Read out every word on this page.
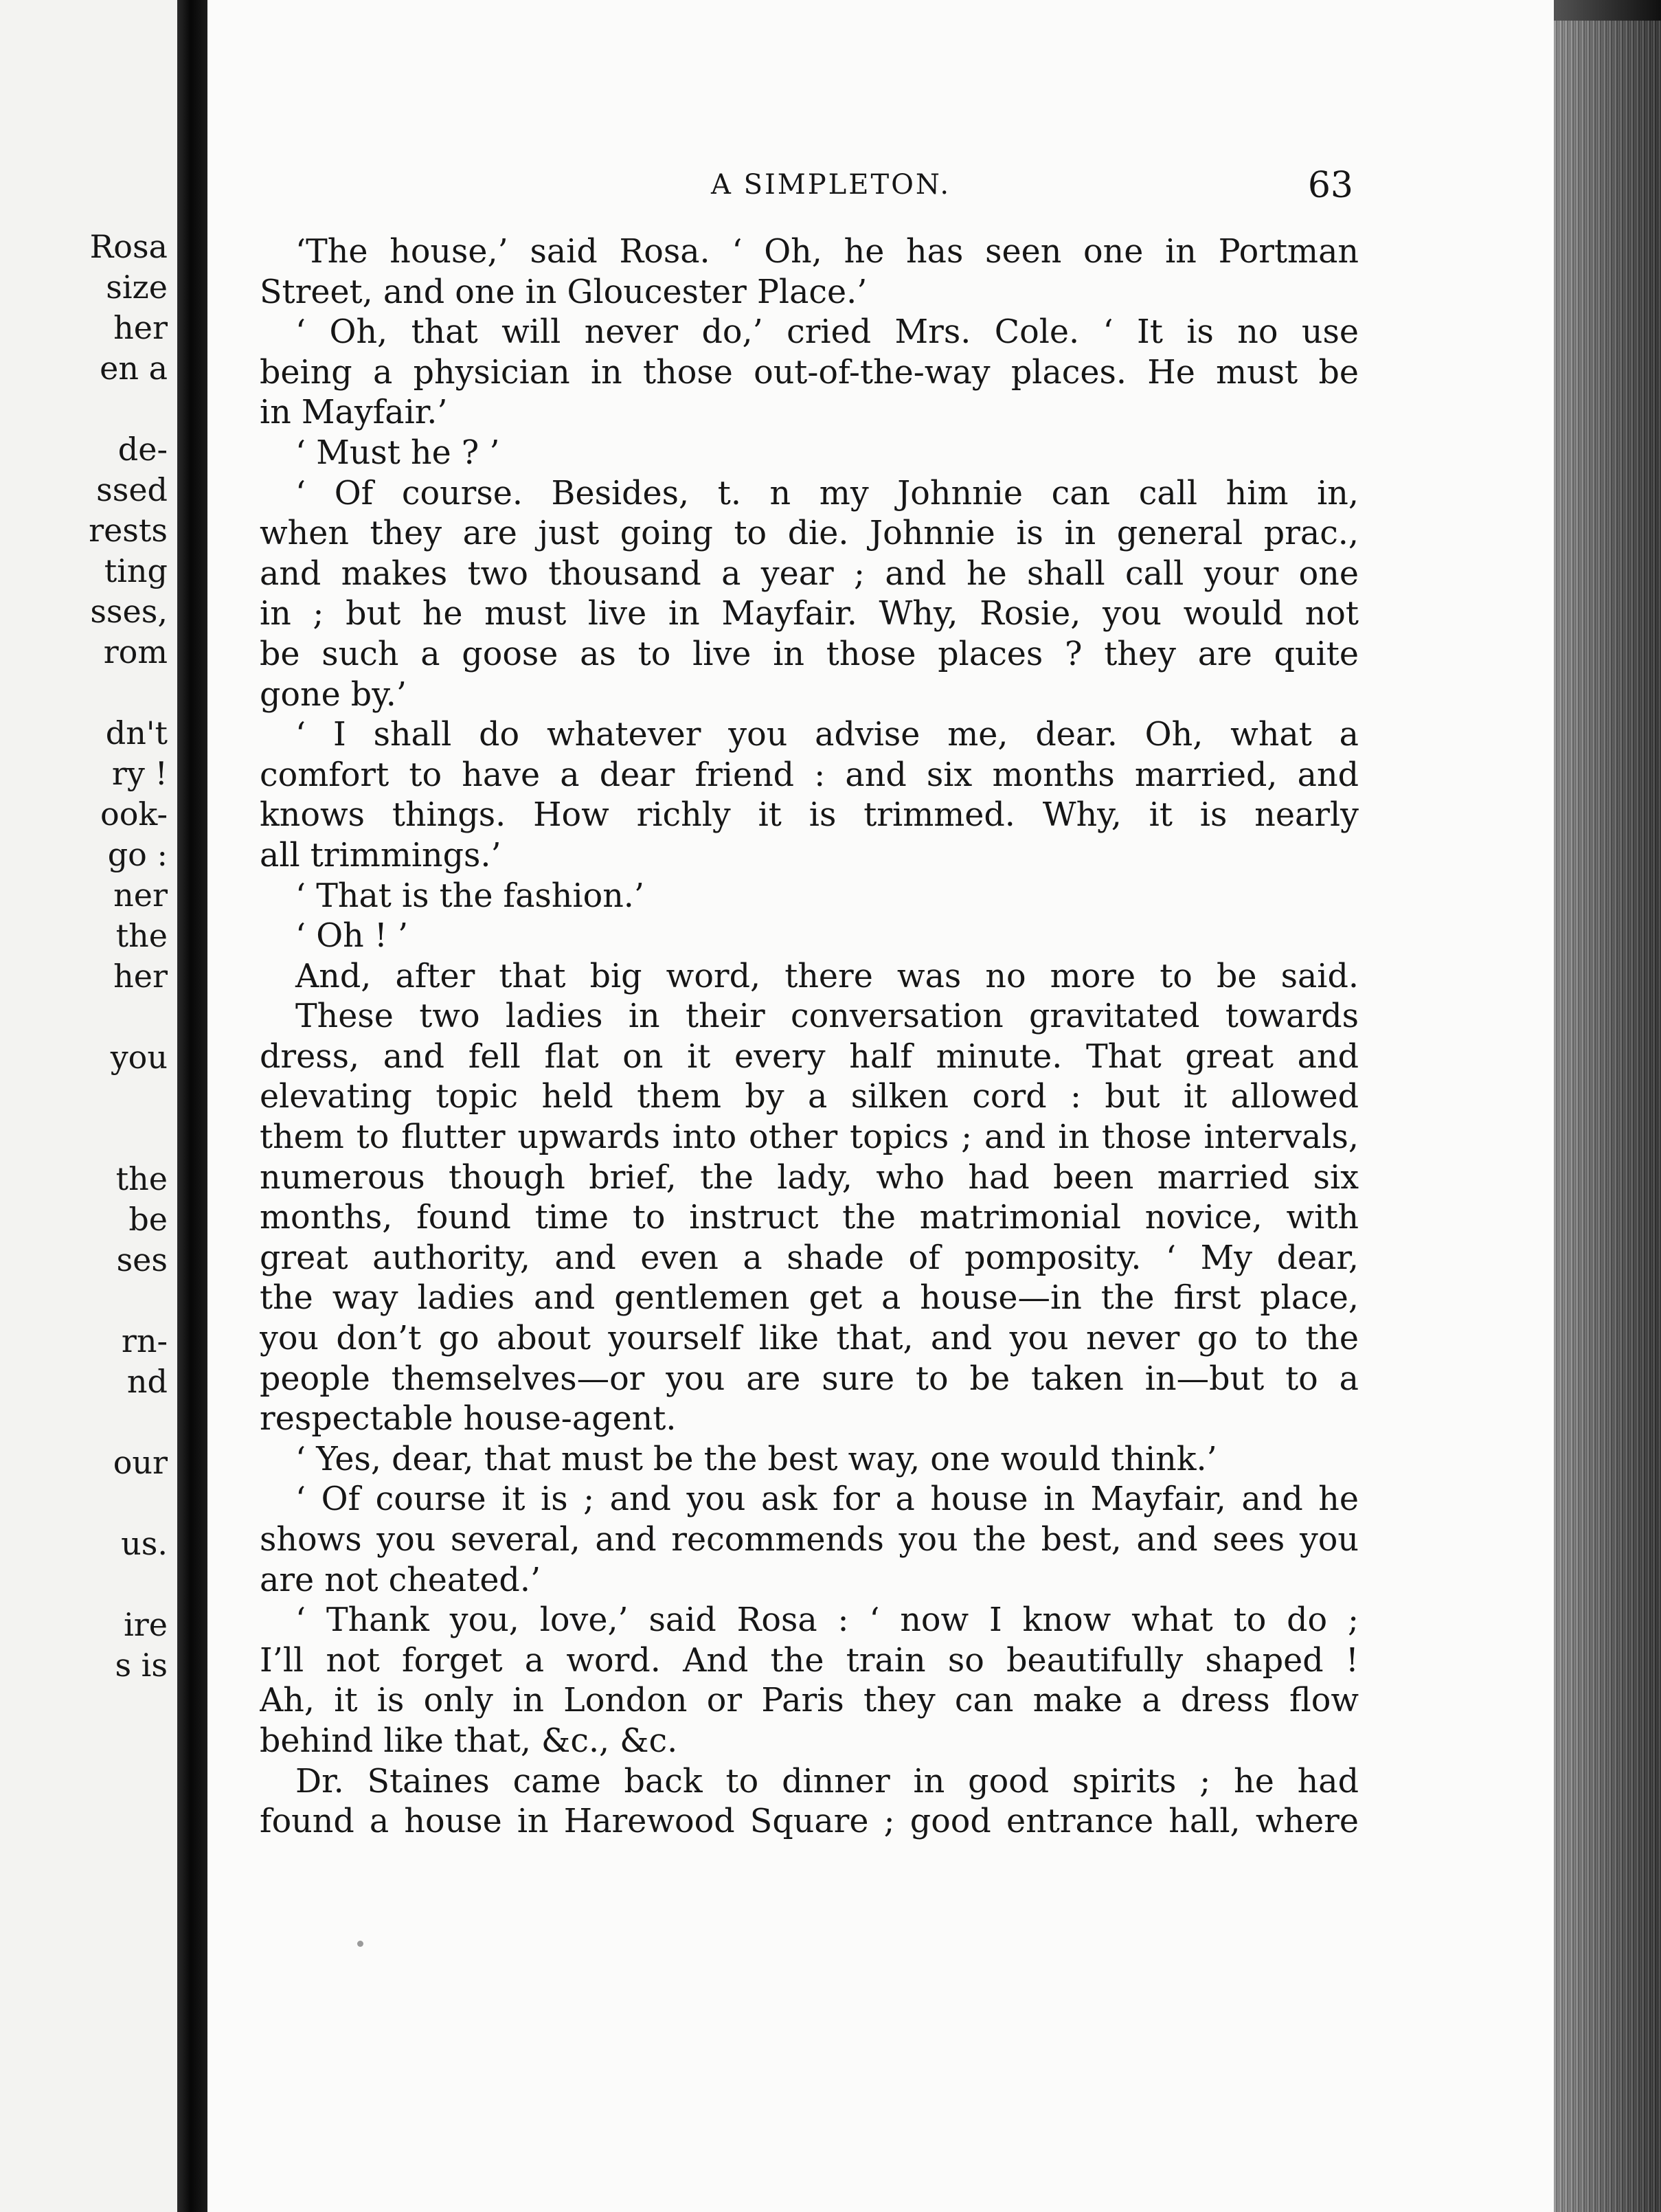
Rosa
size
her
en a
de-
ssed
rests
ting
sses,
rom
dn't
ry !
ook-
go :
ner
the
her
you
the
be
ses
rn-
nd
our
us.
ire
s is
A SIMPLETON.	63
‘The house,’ said Rosa. ‘ Oh, he has seen one in Portman
Street, and one in Gloucester Place.’
‘ Oh, that will never do,’ cried Mrs. Cole. ‘ It is no use
being a physician in those out-of-the-way places. He must be
in Mayfair.’
‘ Must he ? ’
‘ Of course. Besides, t. n my Johnnie can call him in,
when they are just going to die. Johnnie is in general prac.,
and makes two thousand a year ; and he shall call your one
in ; but he must live in Mayfair. Why, Rosie, you would not
be such a goose as to live in those places ? they are quite
gone by.’
‘ I shall do whatever you advise me, dear. Oh, what a
comfort to have a dear friend : and six months married, and
knows things. How richly it is trimmed. Why, it is nearly
all trimmings.’
‘ That is the fashion.’
‘ Oh ! ’
And, after that big word, there was no more to be said.
These two ladies in their conversation gravitated towards
dress, and fell flat on it every half minute. That great and
elevating topic held them by a silken cord : but it allowed
them to flutter upwards into other topics ; and in those intervals,
numerous though brief, the lady, who had been married six
months, found time to instruct the matrimonial novice, with
great authority, and even a shade of pomposity. ‘ My dear,
the way ladies and gentlemen get a house—in the first place,
you don’t go about yourself like that, and you never go to the
people themselves—or you are sure to be taken in—but to a
respectable house-agent.
‘ Yes, dear, that must be the best way, one would think.’
‘ Of course it is ; and you ask for a house in Mayfair, and he
shows you several, and recommends you the best, and sees you
are not cheated.’
‘ Thank you, love,’ said Rosa : ‘ now I know what to do ;
I’ll not forget a word. And the train so beautifully shaped !
Ah, it is only in London or Paris they can make a dress flow
behind like that, &c., &c.
Dr. Staines came back to dinner in good spirits ; he had
found a house in Harewood Square ; good entrance hall, where
